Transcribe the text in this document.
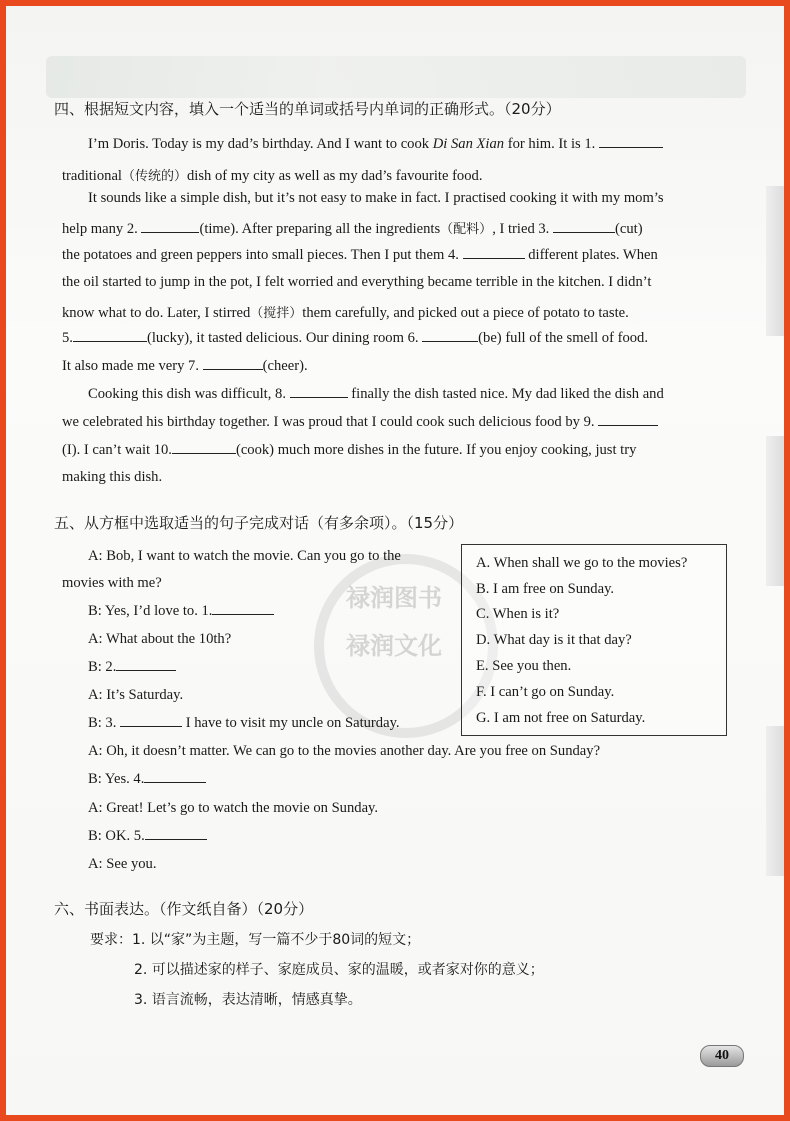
四、根据短文内容，填入一个适当的单词或括号内单词的正确形式。（20分）
I’m Doris. Today is my dad’s birthday. And I want to cook Di San Xian for him. It is 1.
traditional（传统的）dish of my city as well as my dad’s favourite food.
It sounds like a simple dish, but it’s not easy to make in fact. I practised cooking it with my mom’s
help many 2.	(time). After preparing all the ingredients（配料）, I tried 3.	(cut)
the potatoes and green peppers into small pieces. Then I put them 4.	different plates. When
the oil started to jump in the pot, I felt worried and everything became terrible in the kitchen. I didn’t
know what to do. Later, I stirred（搅拌）them carefully, and picked out a piece of potato to taste.
5.	(lucky), it tasted delicious. Our dining room 6.	(be) full of the smell of food.
It also made me very 7.	(cheer).
Cooking this dish was difficult, 8.	finally the dish tasted nice. My dad liked the dish and
we celebrated his birthday together. I was proud that I could cook such delicious food by 9.
(I). I can’t wait 10.	(cook) much more dishes in the future. If you enjoy cooking, just try
making this dish.
五、从方框中选取适当的句子完成对话（有多余项）。（15分）
禄润图书
禄润文化
A: Bob, I want to watch the movie. Can you go to the
movies with me?
B: Yes, I’d love to. 1.
A: What about the 10th?
B: 2.
A: It’s Saturday.
B: 3.	I have to visit my uncle on Saturday.
A: Oh, it doesn’t matter. We can go to the movies another day. Are you free on Sunday?
B: Yes. 4.
A: Great! Let’s go to watch the movie on Sunday.
B: OK. 5.
A: See you.
A. When shall we go to the movies?
B. I am free on Sunday.
C. When is it?
D. What day is it that day?
E. See you then.
F. I can’t go on Sunday.
G. I am not free on Saturday.
六、书面表达。（作文纸自备）（20分）
要求：1. 以“家”为主题，写一篇不少于80词的短文；
2. 可以描述家的样子、家庭成员、家的温暖，或者家对你的意义；
3. 语言流畅，表达清晰，情感真挚。
40
